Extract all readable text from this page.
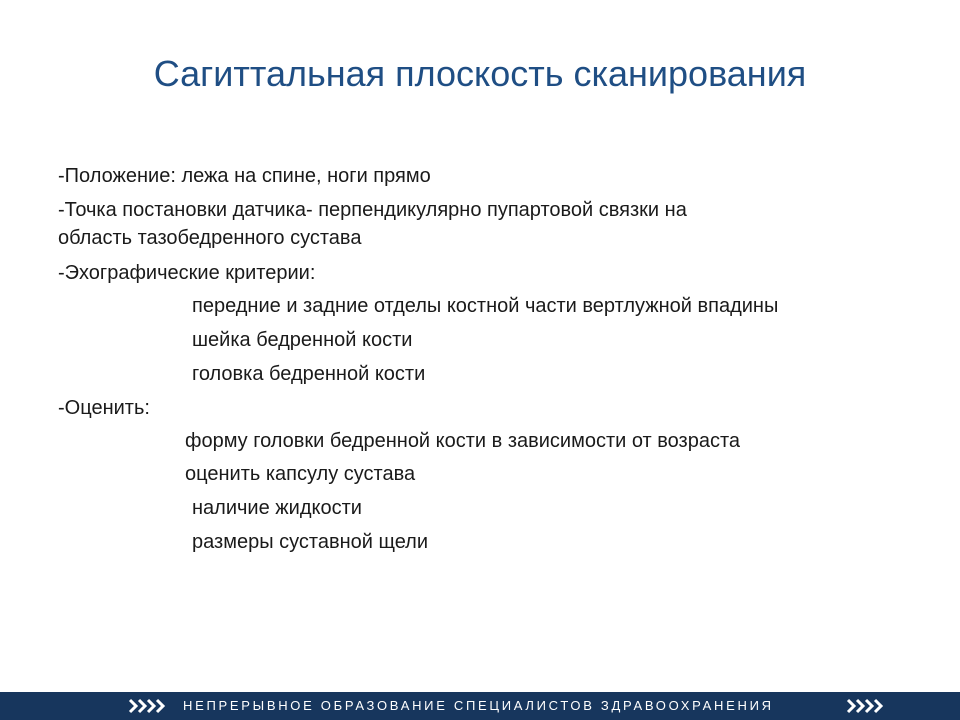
Сагиттальная плоскость сканирования

-Положение: лежа на спине, ноги прямо

-Точка постановки датчика- перпендикулярно пупартовой связки на

область тазобедренного сустава

-Эхографические критерии:

передние и задние отделы костной части вертлужной впадины

шейка бедренной кости

головка бедренной кости

-Оценить:

форму головки бедренной кости в зависимости от возраста

оценить капсулу сустава

наличие жидкости

размеры суставной щели

НЕПРЕРЫВНОЕ ОБРАЗОВАНИЕ СПЕЦИАЛИСТОВ ЗДРАВООХРАНЕНИЯ
